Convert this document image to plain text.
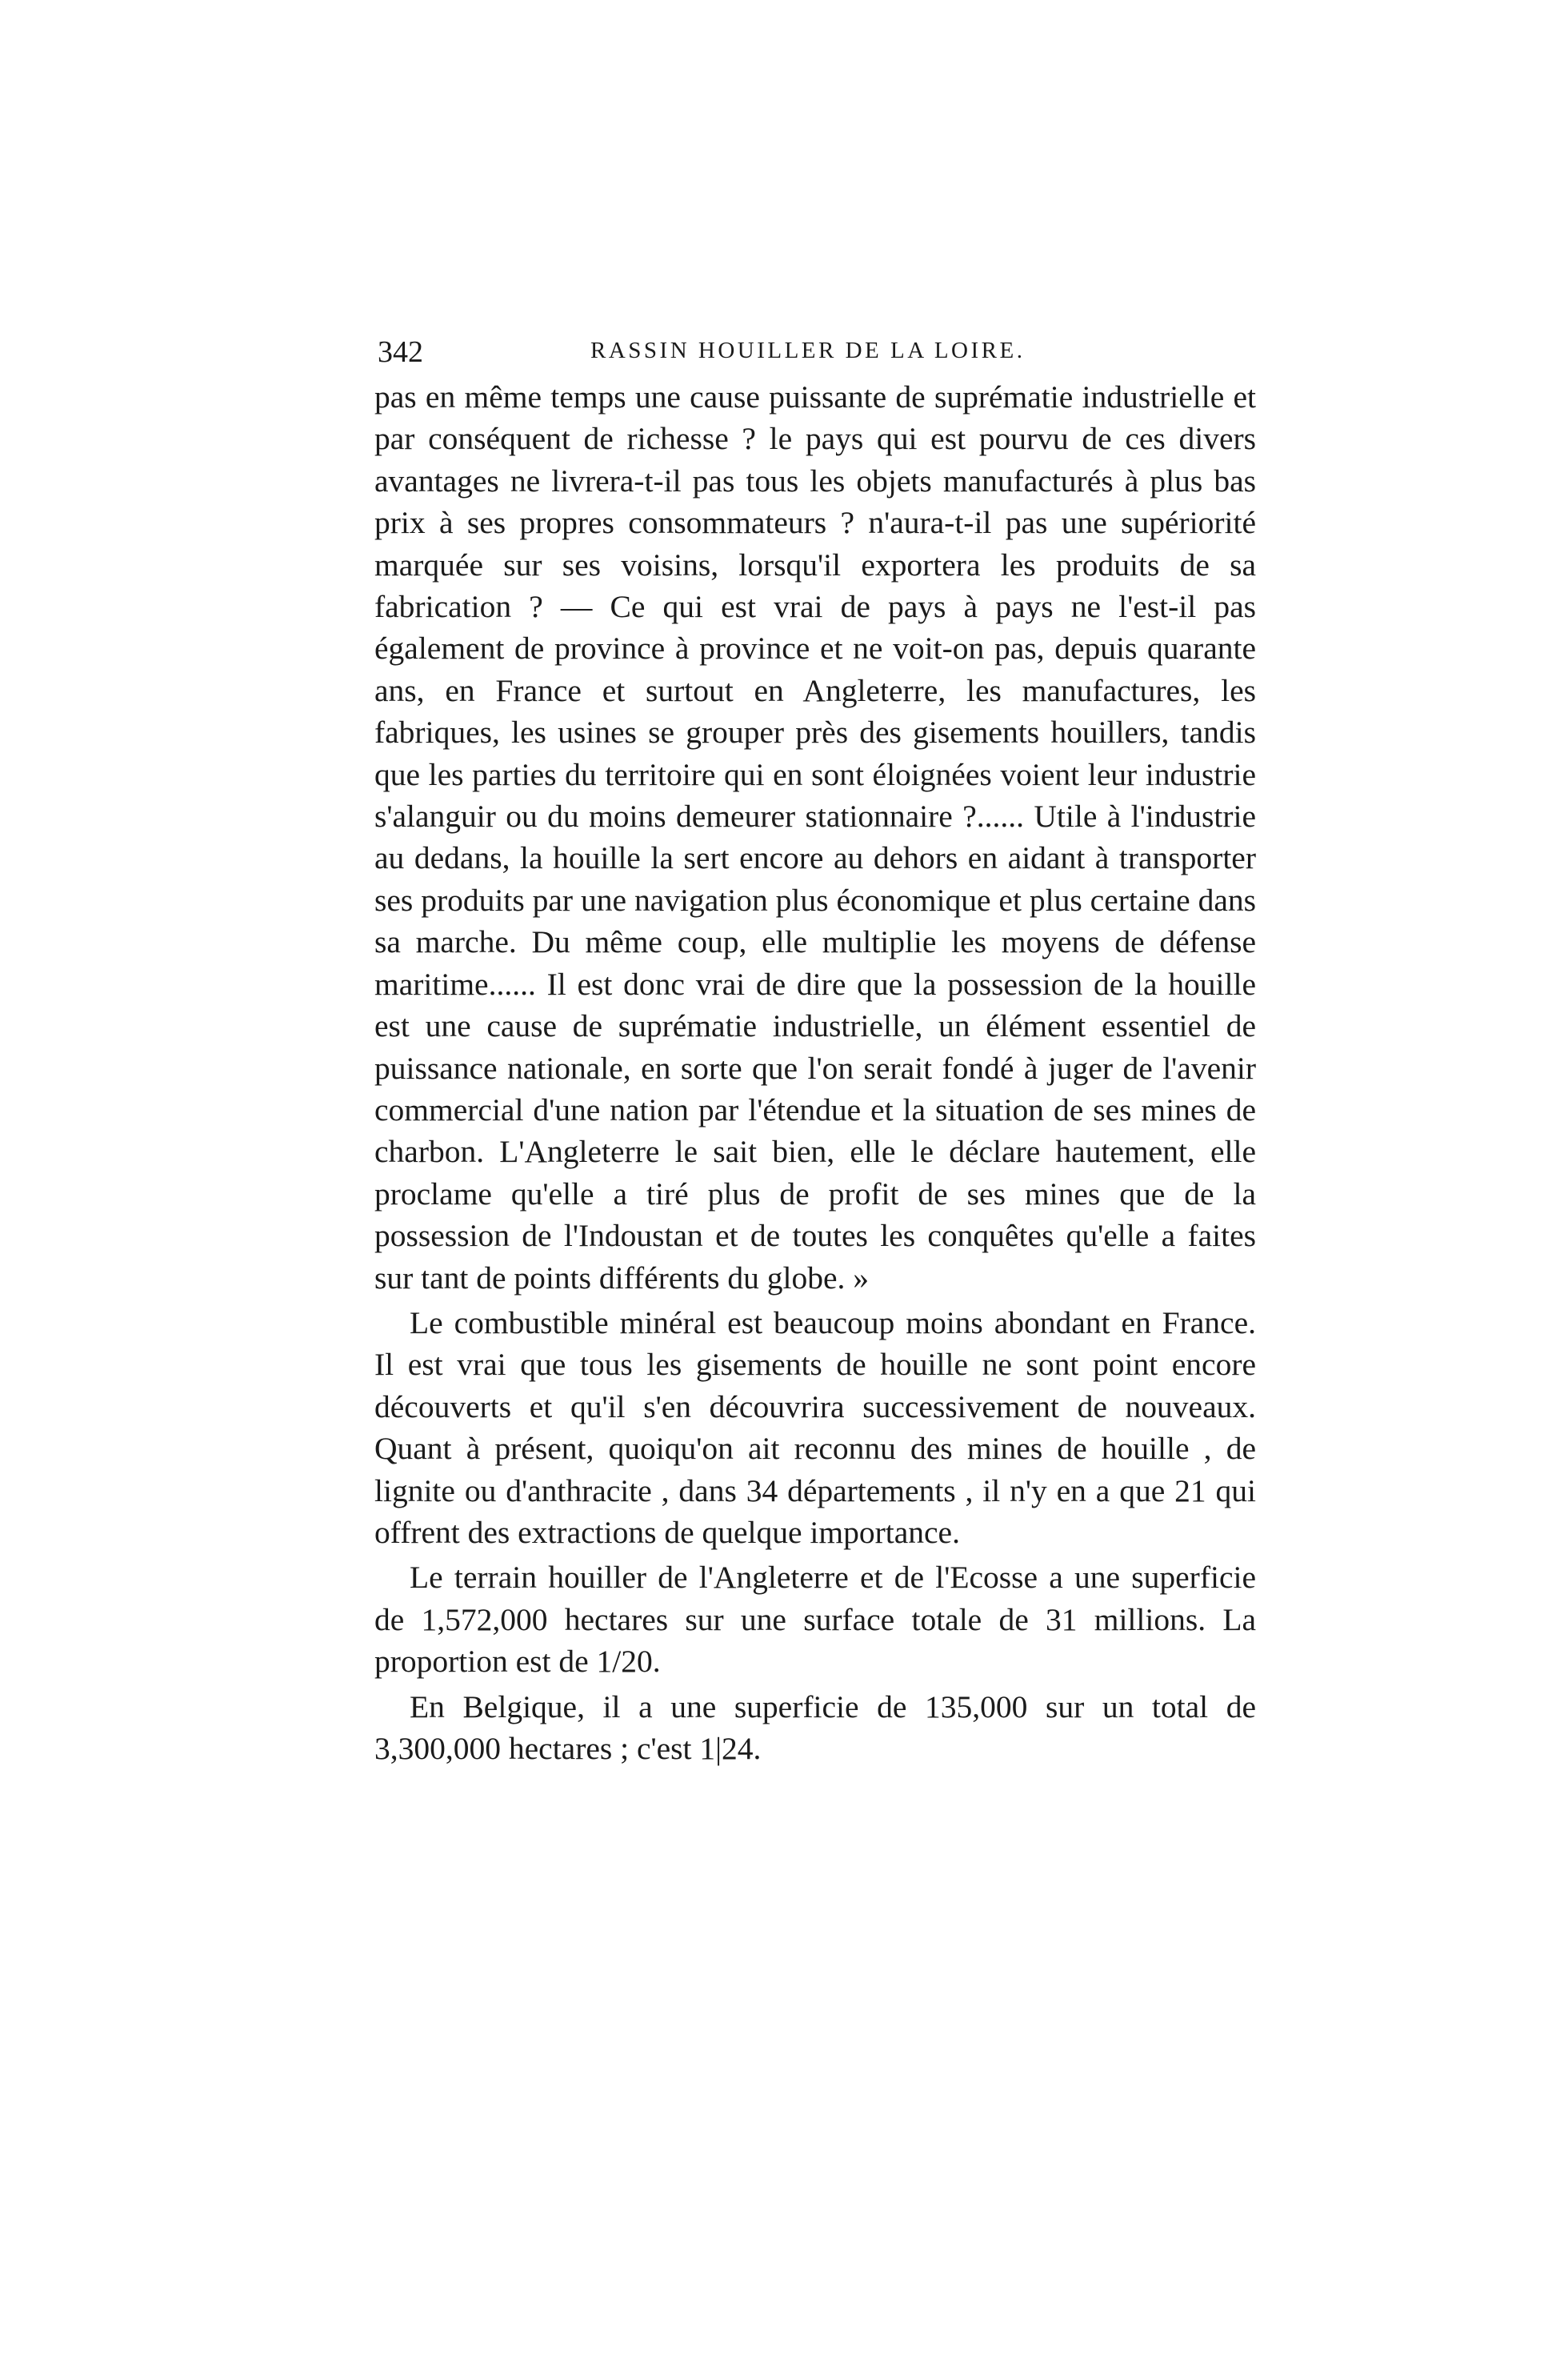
342	RASSIN HOUILLER DE LA LOIRE.

pas en même temps une cause puissante de suprématie industrielle et par conséquent de richesse ? le pays qui est pourvu de ces divers avantages ne livrera-t-il pas tous les objets manufacturés à plus bas prix à ses propres consommateurs ? n'aura-t-il pas une supériorité marquée sur ses voisins, lorsqu'il exportera les produits de sa fabrication ? — Ce qui est vrai de pays à pays ne l'est-il pas également de province à province et ne voit-on pas, depuis quarante ans, en France et surtout en Angleterre, les manufactures, les fabriques, les usines se grouper près des gisements houillers, tandis que les parties du territoire qui en sont éloignées voient leur industrie s'alanguir ou du moins demeurer stationnaire ?...... Utile à l'industrie au dedans, la houille la sert encore au dehors en aidant à transporter ses produits par une navigation plus économique et plus certaine dans sa marche. Du même coup, elle multiplie les moyens de défense maritime...... Il est donc vrai de dire que la possession de la houille est une cause de suprématie industrielle, un élément essentiel de puissance nationale, en sorte que l'on serait fondé à juger de l'avenir commercial d'une nation par l'étendue et la situation de ses mines de charbon. L'Angleterre le sait bien, elle le déclare hautement, elle proclame qu'elle a tiré plus de profit de ses mines que de la possession de l'Indoustan et de toutes les conquêtes qu'elle a faites sur tant de points différents du globe. »

Le combustible minéral est beaucoup moins abondant en France. Il est vrai que tous les gisements de houille ne sont point encore découverts et qu'il s'en découvrira successivement de nouveaux. Quant à présent, quoiqu'on ait reconnu des mines de houille , de lignite ou d'anthracite , dans 34 départements , il n'y en a que 21 qui offrent des extractions de quelque importance.

Le terrain houiller de l'Angleterre et de l'Ecosse a une superficie de 1,572,000 hectares sur une surface totale de 31 millions. La proportion est de 1/20.

En Belgique, il a une superficie de 135,000 sur un total de 3,300,000 hectares ; c'est 1|24.
